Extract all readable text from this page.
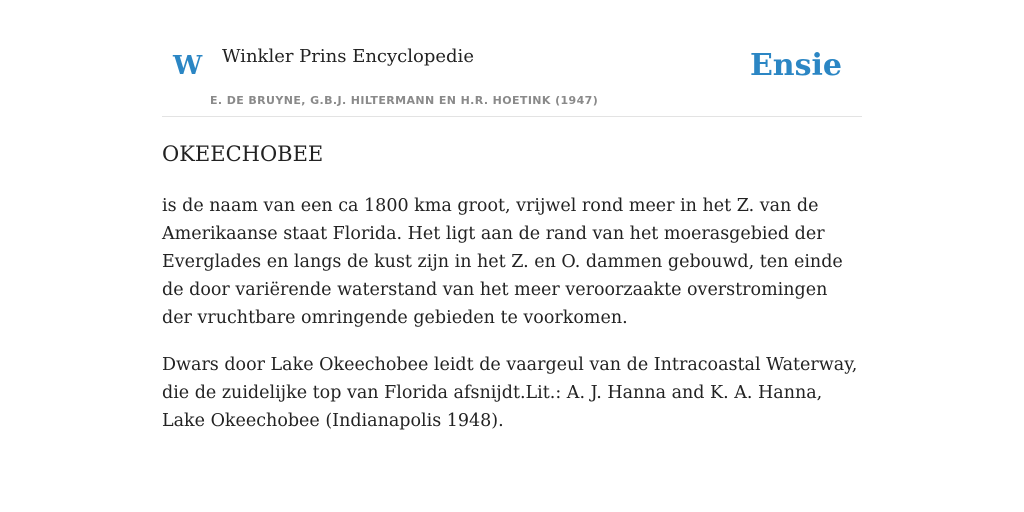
W Winkler Prins Encyclopedie
E. DE BRUYNE, G.B.J. HILTERMANN EN H.R. HOETINK (1947)
Ensie
OKEECHOBEE

is de naam van een ca 1800 kma groot, vrijwel rond meer in het Z. van de Amerikaanse staat Florida. Het ligt aan de rand van het moerasgebied der Everglades en langs de kust zijn in het Z. en O. dammen gebouwd, ten einde de door variërende waterstand van het meer veroorzaakte overstromingen der vruchtbare omringende gebieden te voorkomen.

Dwars door Lake Okeechobee leidt de vaargeul van de Intracoastal Waterway, die de zuidelijke top van Florida afsnijdt.Lit.: A. J. Hanna and K. A. Hanna, Lake Okeechobee (Indianapolis 1948).
